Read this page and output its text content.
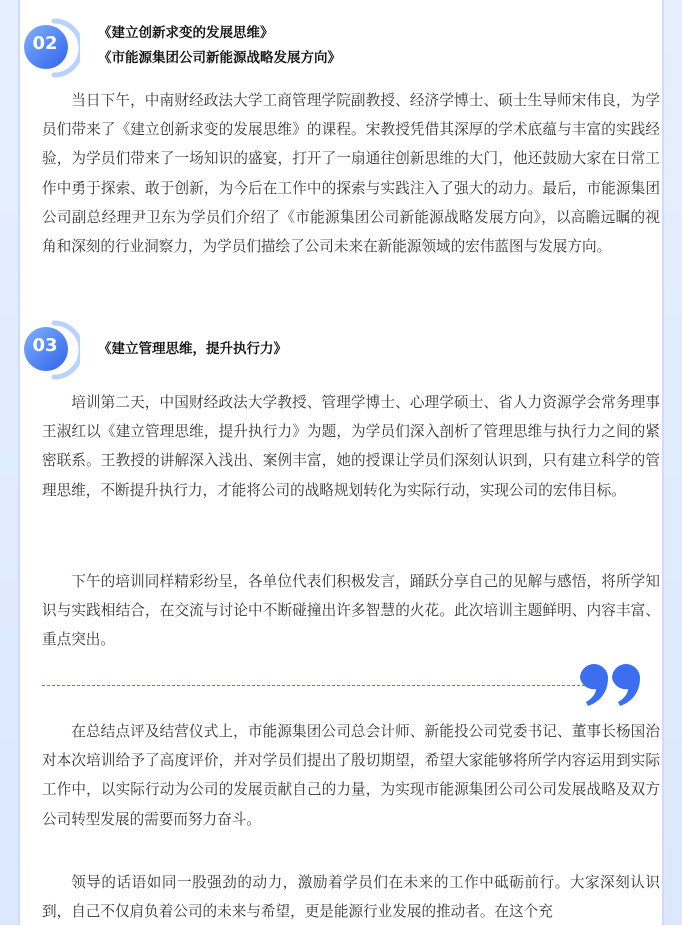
02	《建立创新求变的发展思维》
《市能源集团公司新能源战略发展方向》

当日下午，中南财经政法大学工商管理学院副教授、经济学博士、硕士生导师宋伟良，为学员们带来了《建立创新求变的发展思维》的课程。宋教授凭借其深厚的学术底蕴与丰富的实践经验，为学员们带来了一场知识的盛宴，打开了一扇通往创新思维的大门，他还鼓励大家在日常工作中勇于探索、敢于创新，为今后在工作中的探索与实践注入了强大的动力。最后，市能源集团公司副总经理尹卫东为学员们介绍了《市能源集团公司新能源战略发展方向》，以高瞻远瞩的视角和深刻的行业洞察力，为学员们描绘了公司未来在新能源领域的宏伟蓝图与发展方向。

03	《建立管理思维，提升执行力》

培训第二天，中国财经政法大学教授、管理学博士、心理学硕士、省人力资源学会常务理事王淑红以《建立管理思维，提升执行力》为题，为学员们深入剖析了管理思维与执行力之间的紧密联系。王教授的讲解深入浅出、案例丰富，她的授课让学员们深刻认识到，只有建立科学的管理思维，不断提升执行力，才能将公司的战略规划转化为实际行动，实现公司的宏伟目标。

下午的培训同样精彩纷呈，各单位代表们积极发言，踊跃分享自己的见解与感悟，将所学知识与实践相结合，在交流与讨论中不断碰撞出许多智慧的火花。此次培训主题鲜明、内容丰富、重点突出。

在总结点评及结营仪式上，市能源集团公司总会计师、新能投公司党委书记、董事长杨国治对本次培训给予了高度评价，并对学员们提出了殷切期望，希望大家能够将所学内容运用到实际工作中，以实际行动为公司的发展贡献自己的力量，为实现市能源集团公司公司发展战略及双方公司转型发展的需要而努力奋斗。

领导的话语如同一股强劲的动力，激励着学员们在未来的工作中砥砺前行。大家深刻认识到，自己不仅肩负着公司的未来与希望，更是能源行业发展的推动者。在这个充
